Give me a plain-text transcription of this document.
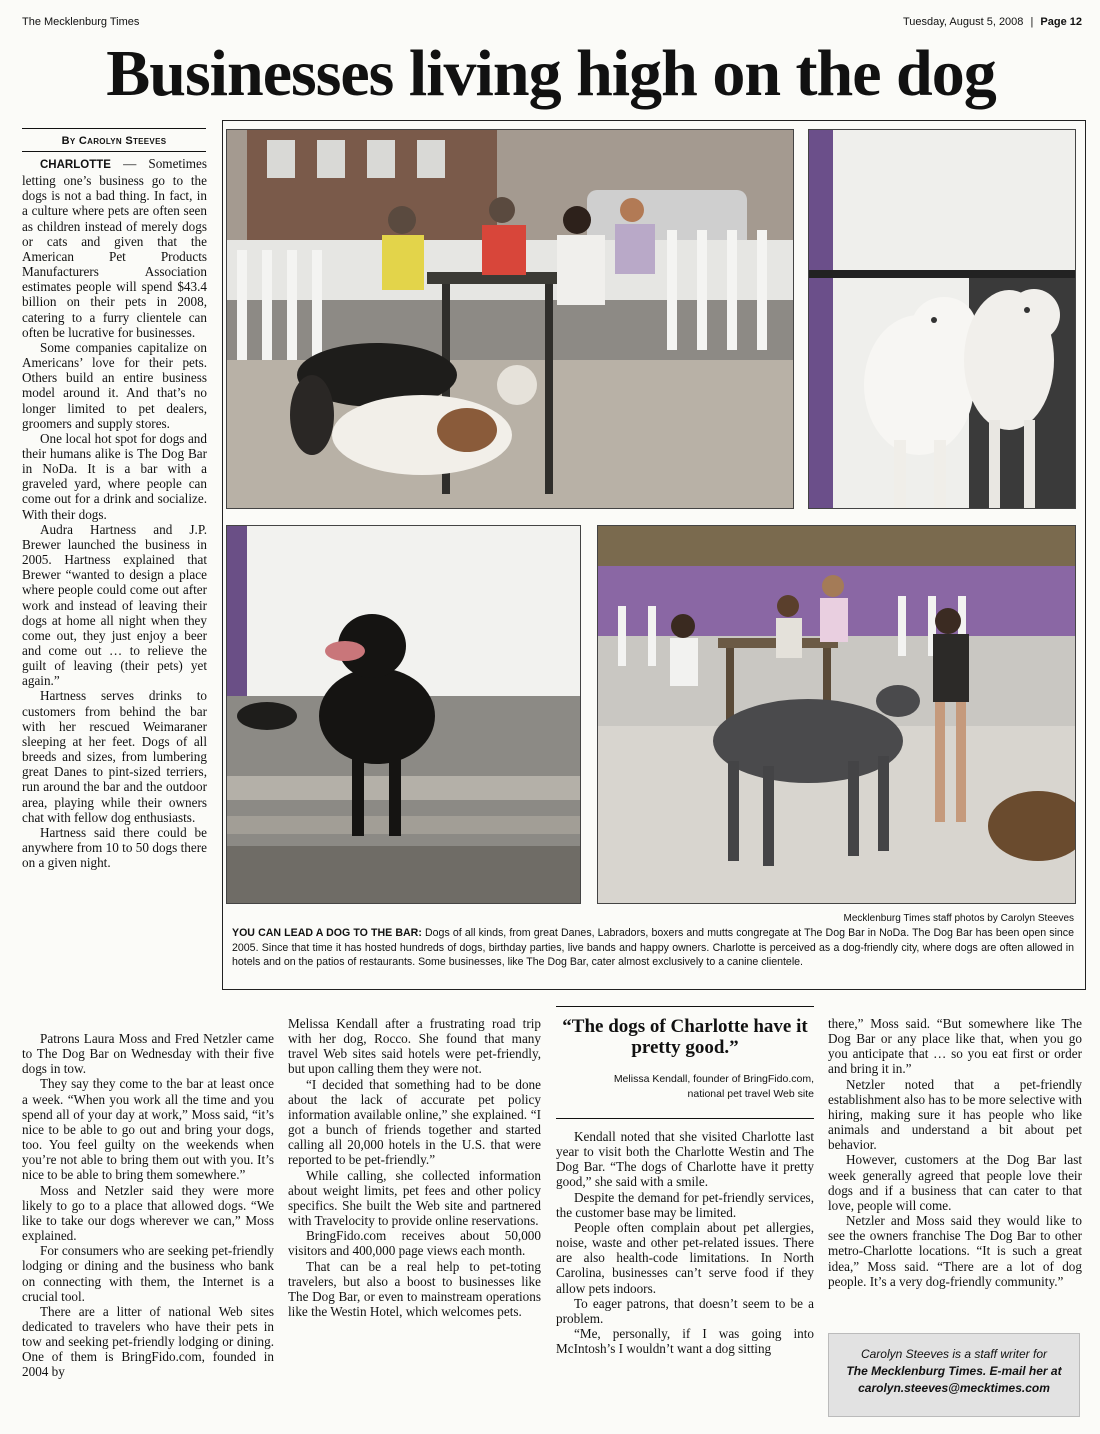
The Mecklenburg Times	Tuesday, August 5, 2008 | Page 12
Businesses living high on the dog
By Carolyn Steeves

CHARLOTTE — Sometimes letting one’s business go to the dogs is not a bad thing. In fact, in a culture where pets are often seen as children instead of merely dogs or cats and given that the American Pet Products Manufacturers Association estimates people will spend $43.4 billion on their pets in 2008, catering to a furry clientele can often be lucrative for businesses.

Some companies capitalize on Americans’ love for their pets. Others build an entire business model around it. And that’s no longer limited to pet dealers, groomers and supply stores.

One local hot spot for dogs and their humans alike is The Dog Bar in NoDa. It is a bar with a graveled yard, where people can come out for a drink and socialize. With their dogs.

Audra Hartness and J.P. Brewer launched the business in 2005. Hartness explained that Brewer “wanted to design a place where people could come out after work and instead of leaving their dogs at home all night when they come out, they just enjoy a beer and come out … to relieve the guilt of leaving (their pets) yet again.”

Hartness serves drinks to customers from behind the bar with her rescued Weimaraner sleeping at her feet. Dogs of all breeds and sizes, from lumbering great Danes to pint-sized terriers, run around the bar and the outdoor area, playing while their owners chat with fellow dog enthusiasts.

Hartness said there could be anywhere from 10 to 50 dogs there on a given night.

Patrons Laura Moss and Fred Netzler came to The Dog Bar on Wednesday with their five dogs in tow.

They say they come to the bar at least once a week. “When you work all the time and you spend all of your day at work,” Moss said, “it’s nice to be able to go out and bring your dogs, too. You feel guilty on the weekends when you’re not able to bring them out with you. It’s nice to be able to bring them somewhere.”

Moss and Netzler said they were more likely to go to a place that allowed dogs. “We like to take our dogs wherever we can,” Moss explained.

For consumers who are seeking pet-friendly lodging or dining and the business who bank on connecting with them, the Internet is a crucial tool.

There are a litter of national Web sites dedicated to travelers who have their pets in tow and seeking pet-friendly lodging or dining. One of them is BringFido.com, founded in 2004 by

Melissa Kendall after a frustrating road trip with her dog, Rocco. She found that many travel Web sites said hotels were pet-friendly, but upon calling them they were not.

“I decided that something had to be done about the lack of accurate pet policy information available online,” she explained. “I got a bunch of friends together and started calling all 20,000 hotels in the U.S. that were reported to be pet-friendly.”

While calling, she collected information about weight limits, pet fees and other policy specifics. She built the Web site and partnered with Travelocity to provide online reservations.

BringFido.com receives about 50,000 visitors and 400,000 page views each month.

That can be a real help to pet-toting travelers, but also a boost to businesses like The Dog Bar, or even to mainstream operations like the Westin Hotel, which welcomes pets.

“The dogs of Charlotte have it pretty good.”
Melissa Kendall, founder of BringFido.com,
national pet travel Web site

Kendall noted that she visited Charlotte last year to visit both the Charlotte Westin and The Dog Bar. “The dogs of Charlotte have it pretty good,” she said with a smile.

Despite the demand for pet-friendly services, the customer base may be limited.

People often complain about pet allergies, noise, waste and other pet-related issues. There are also health-code limitations. In North Carolina, businesses can’t serve food if they allow pets indoors.

To eager patrons, that doesn’t seem to be a problem.

“Me, personally, if I was going into McIntosh’s I wouldn’t want a dog sitting

there,” Moss said. “But somewhere like The Dog Bar or any place like that, when you go you anticipate that … so you eat first or order and bring it in.”

Netzler noted that a pet-friendly establishment also has to be more selective with hiring, making sure it has people who like animals and understand a bit about pet behavior.

However, customers at the Dog Bar last week generally agreed that people love their dogs and if a business that can cater to that love, people will come.

Netzler and Moss said they would like to see the owners franchise The Dog Bar to other metro-Charlotte locations. “It is such a great idea,” Moss said. “There are a lot of dog people. It’s a very dog-friendly community.”

Carolyn Steeves is a staff writer for
The Mecklenburg Times. E-mail her at
carolyn.steeves@mecktimes.com
Mecklenburg Times staff photos by Carolyn Steeves
YOU CAN LEAD A DOG TO THE BAR: Dogs of all kinds, from great Danes, Labradors, boxers and mutts congregate at The Dog Bar in NoDa. The Dog Bar has been open since 2005. Since that time it has hosted hundreds of dogs, birthday parties, live bands and happy owners. Charlotte is perceived as a dog-friendly city, where dogs are often allowed in hotels and on the patios of restaurants. Some businesses, like The Dog Bar, cater almost exclusively to a canine clientele.
